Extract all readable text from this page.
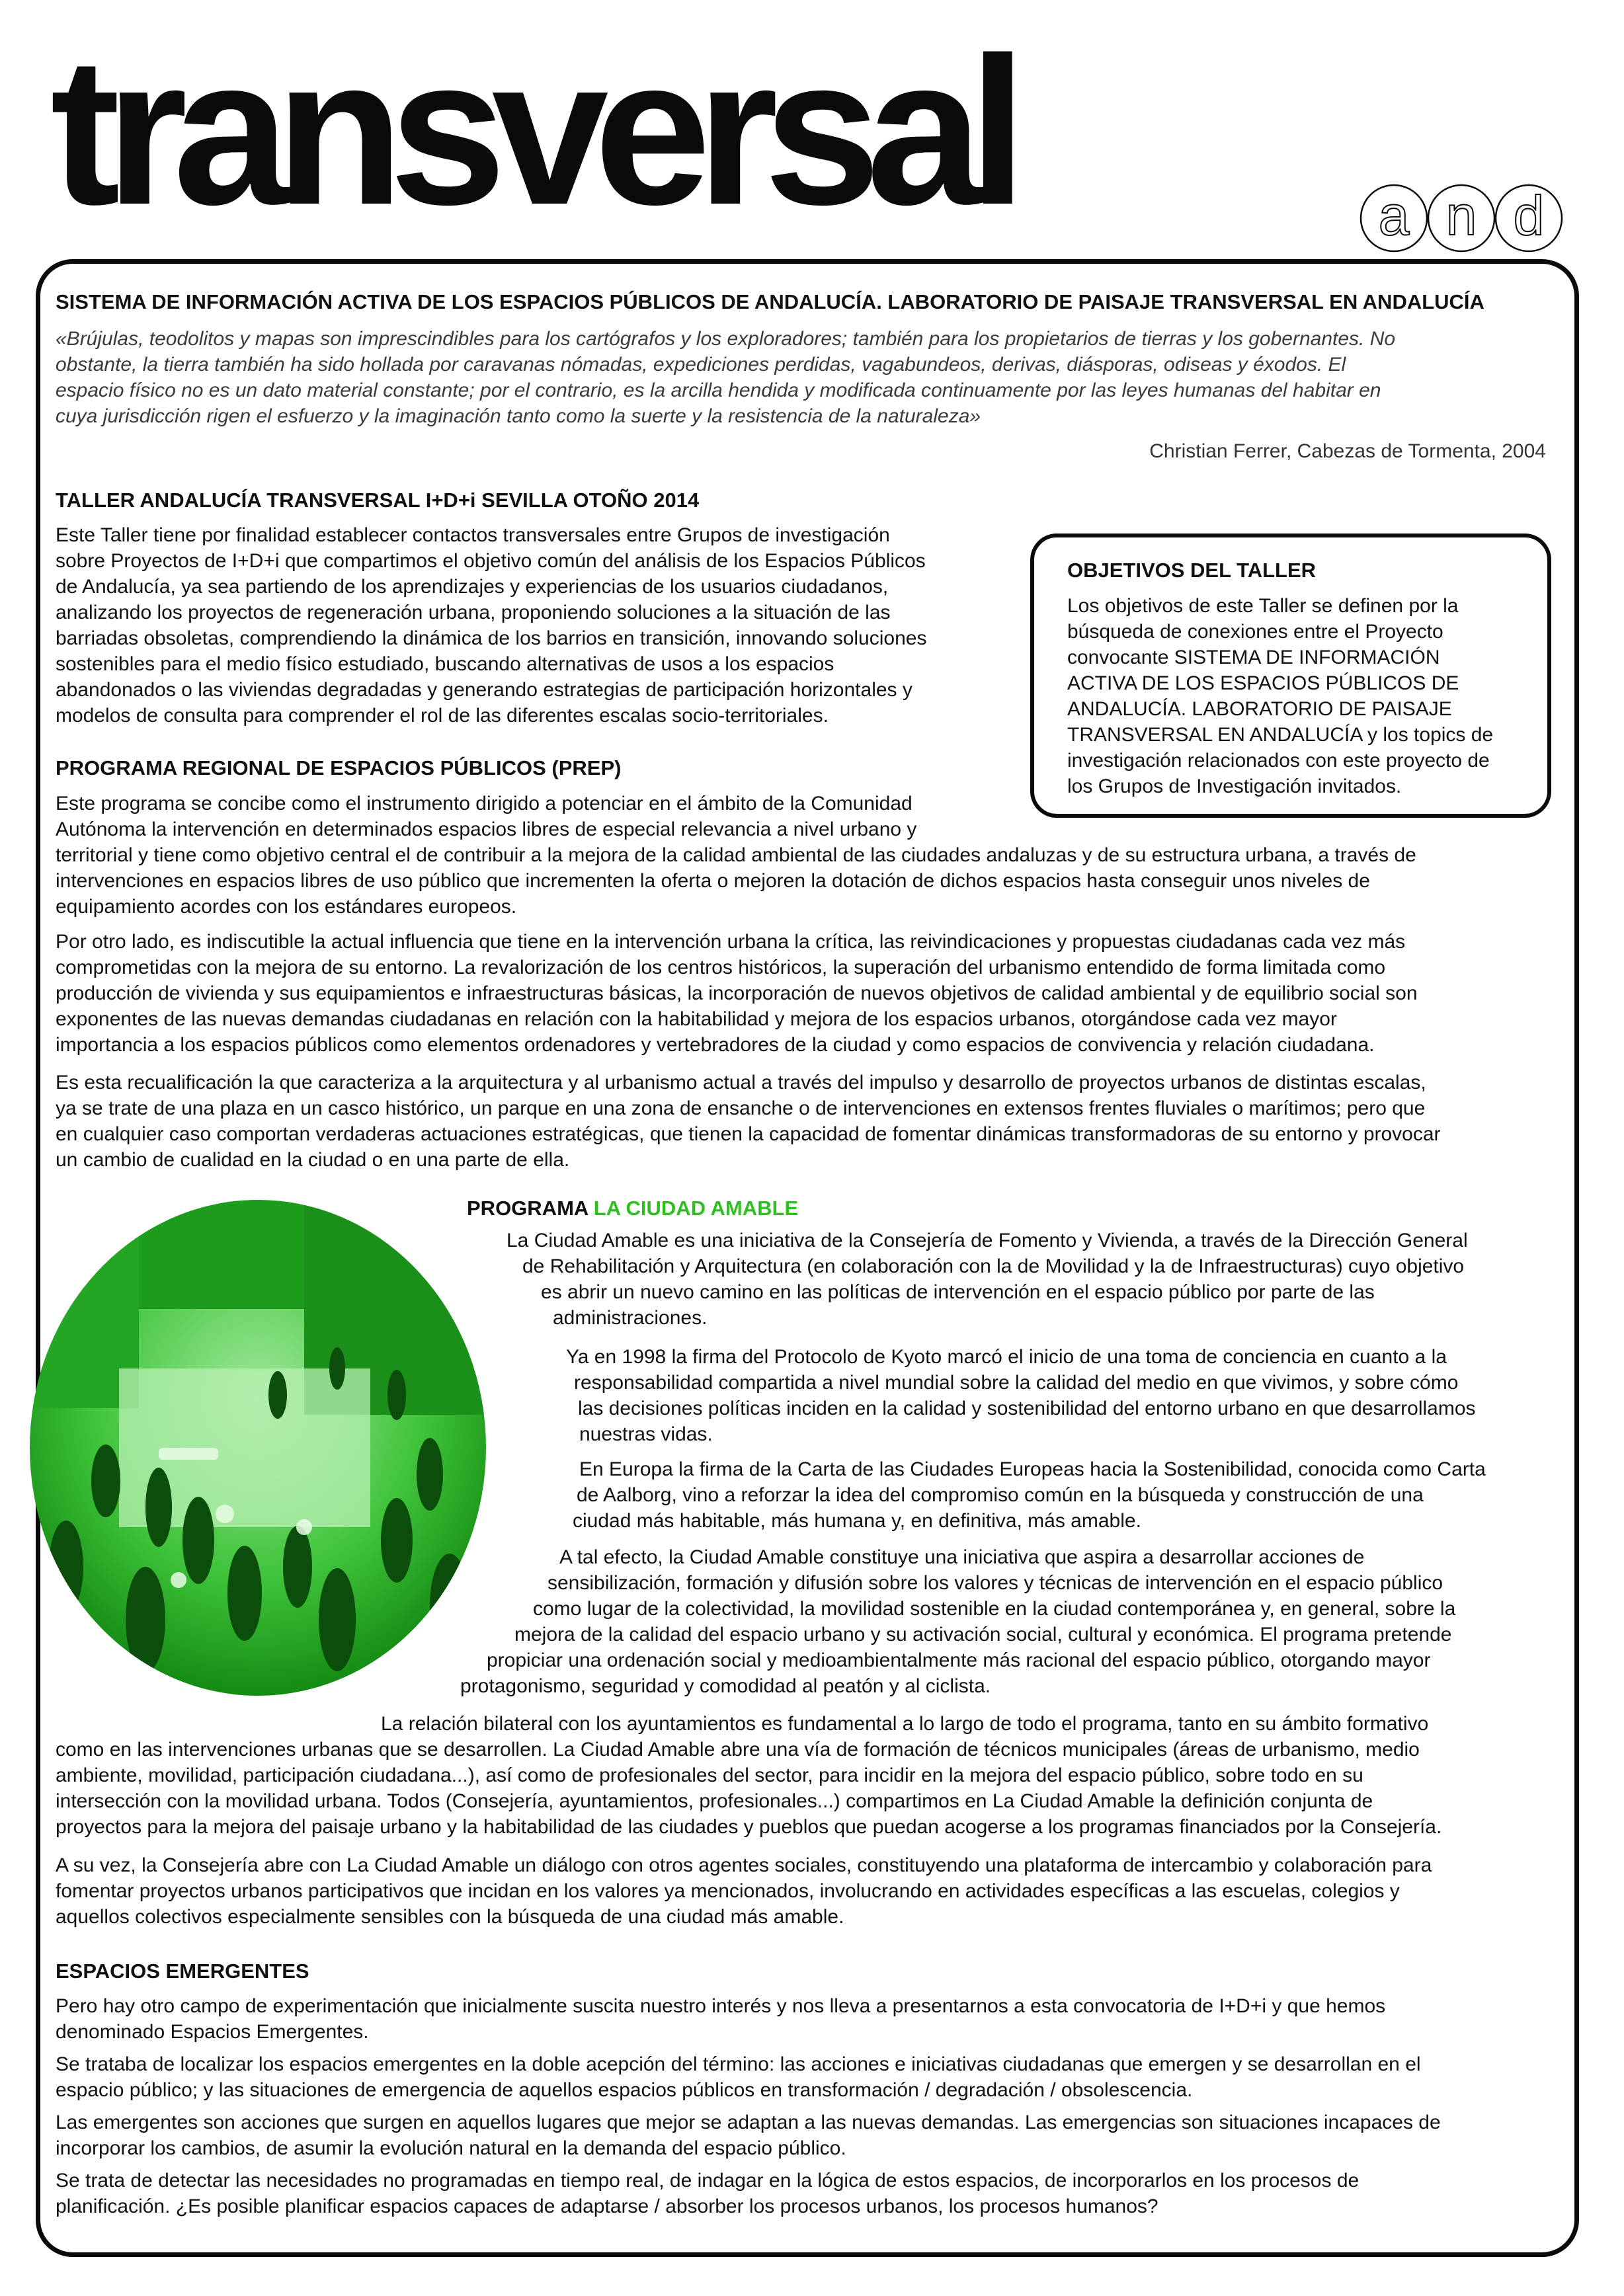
transversal	a n d
SISTEMA DE INFORMACIÓN ACTIVA DE LOS ESPACIOS PÚBLICOS DE ANDALUCÍA. LABORATORIO DE PAISAJE TRANSVERSAL EN ANDALUCÍA
«Brújulas, teodolitos y mapas son imprescindibles para los cartógrafos y los exploradores; también para los propietarios de tierras y los gobernantes. No
obstante, la tierra también ha sido hollada por caravanas nómadas, expediciones perdidas, vagabundeos, derivas, diásporas, odiseas y éxodos. El
espacio físico no es un dato material constante; por el contrario, es la arcilla hendida y modificada continuamente por las leyes humanas del habitar en
cuya jurisdicción rigen el esfuerzo y la imaginación tanto como la suerte y la resistencia de la naturaleza»
Christian Ferrer, Cabezas de Tormenta, 2004
TALLER ANDALUCÍA TRANSVERSAL I+D+i SEVILLA OTOÑO 2014
Este Taller tiene por finalidad establecer contactos transversales entre Grupos de investigación
sobre Proyectos de I+D+i que compartimos el objetivo común del análisis de los Espacios Públicos
de Andalucía, ya sea partiendo de los aprendizajes y experiencias de los usuarios ciudadanos,
analizando los proyectos de regeneración urbana, proponiendo soluciones a la situación de las
barriadas obsoletas, comprendiendo la dinámica de los barrios en transición, innovando soluciones
sostenibles para el medio físico estudiado, buscando alternativas de usos a los espacios
abandonados o las viviendas degradadas y generando estrategias de participación horizontales y
modelos de consulta para comprender el rol de las diferentes escalas socio-territoriales.
OBJETIVOS DEL TALLER
Los objetivos de este Taller se definen por la
búsqueda de conexiones entre el Proyecto
convocante SISTEMA DE INFORMACIÓN
ACTIVA DE LOS ESPACIOS PÚBLICOS DE
ANDALUCÍA. LABORATORIO DE PAISAJE
TRANSVERSAL EN ANDALUCÍA y los topics de
investigación relacionados con este proyecto de
los Grupos de Investigación invitados.
PROGRAMA REGIONAL DE ESPACIOS PÚBLICOS (PREP)
Este programa se concibe como el instrumento dirigido a potenciar en el ámbito de la Comunidad
Autónoma la intervención en determinados espacios libres de especial relevancia a nivel urbano y
territorial y tiene como objetivo central el de contribuir a la mejora de la calidad ambiental de las ciudades andaluzas y de su estructura urbana, a través de
intervenciones en espacios libres de uso público que incrementen la oferta o mejoren la dotación de dichos espacios hasta conseguir unos niveles de
equipamiento acordes con los estándares europeos.
Por otro lado, es indiscutible la actual influencia que tiene en la intervención urbana la crítica, las reivindicaciones y propuestas ciudadanas cada vez más
comprometidas con la mejora de su entorno. La revalorización de los centros históricos, la superación del urbanismo entendido de forma limitada como
producción de vivienda y sus equipamientos e infraestructuras básicas, la incorporación de nuevos objetivos de calidad ambiental y de equilibrio social son
exponentes de las nuevas demandas ciudadanas en relación con la habitabilidad y mejora de los espacios urbanos, otorgándose cada vez mayor
importancia a los espacios públicos como elementos ordenadores y vertebradores de la ciudad y como espacios de convivencia y relación ciudadana.
Es esta recualificación la que caracteriza a la arquitectura y al urbanismo actual a través del impulso y desarrollo de proyectos urbanos de distintas escalas,
ya se trate de una plaza en un casco histórico, un parque en una zona de ensanche o de intervenciones en extensos frentes fluviales o marítimos; pero que
en cualquier caso comportan verdaderas actuaciones estratégicas, que tienen la capacidad de fomentar dinámicas transformadoras de su entorno y provocar
un cambio de cualidad en la ciudad o en una parte de ella.
PROGRAMA LA CIUDAD AMABLE
La Ciudad Amable es una iniciativa de la Consejería de Fomento y Vivienda, a través de la Dirección General
de Rehabilitación y Arquitectura (en colaboración con la de Movilidad y la de Infraestructuras) cuyo objetivo
es abrir un nuevo camino en las políticas de intervención en el espacio público por parte de las
administraciones.
Ya en 1998 la firma del Protocolo de Kyoto marcó el inicio de una toma de conciencia en cuanto a la
responsabilidad compartida a nivel mundial sobre la calidad del medio en que vivimos, y sobre cómo
las decisiones políticas inciden en la calidad y sostenibilidad del entorno urbano en que desarrollamos
nuestras vidas.
En Europa la firma de la Carta de las Ciudades Europeas hacia la Sostenibilidad, conocida como Carta
de Aalborg, vino a reforzar la idea del compromiso común en la búsqueda y construcción de una
ciudad más habitable, más humana y, en definitiva, más amable.
A tal efecto, la Ciudad Amable constituye una iniciativa que aspira a desarrollar acciones de
sensibilización, formación y difusión sobre los valores y técnicas de intervención en el espacio público
como lugar de la colectividad, la movilidad sostenible en la ciudad contemporánea y, en general, sobre la
mejora de la calidad del espacio urbano y su activación social, cultural y económica. El programa pretende
propiciar una ordenación social y medioambientalmente más racional del espacio público, otorgando mayor
protagonismo, seguridad y comodidad al peatón y al ciclista.
La relación bilateral con los ayuntamientos es fundamental a lo largo de todo el programa, tanto en su ámbito formativo
como en las intervenciones urbanas que se desarrollen. La Ciudad Amable abre una vía de formación de técnicos municipales (áreas de urbanismo, medio
ambiente, movilidad, participación ciudadana...), así como de profesionales del sector, para incidir en la mejora del espacio público, sobre todo en su
intersección con la movilidad urbana. Todos (Consejería, ayuntamientos, profesionales...) compartimos en La Ciudad Amable la definición conjunta de
proyectos para la mejora del paisaje urbano y la habitabilidad de las ciudades y pueblos que puedan acogerse a los programas financiados por la Consejería.
A su vez, la Consejería abre con La Ciudad Amable un diálogo con otros agentes sociales, constituyendo una plataforma de intercambio y colaboración para
fomentar proyectos urbanos participativos que incidan en los valores ya mencionados, involucrando en actividades específicas a las escuelas, colegios y
aquellos colectivos especialmente sensibles con la búsqueda de una ciudad más amable.
ESPACIOS EMERGENTES
Pero hay otro campo de experimentación que inicialmente suscita nuestro interés y nos lleva a presentarnos a esta convocatoria de I+D+i y que hemos
denominado Espacios Emergentes.
Se trataba de localizar los espacios emergentes en la doble acepción del término: las acciones e iniciativas ciudadanas que emergen y se desarrollan en el
espacio público; y las situaciones de emergencia de aquellos espacios públicos en transformación / degradación / obsolescencia.
Las emergentes son acciones que surgen en aquellos lugares que mejor se adaptan a las nuevas demandas. Las emergencias son situaciones incapaces de
incorporar los cambios, de asumir la evolución natural en la demanda del espacio público.
Se trata de detectar las necesidades no programadas en tiempo real, de indagar en la lógica de estos espacios, de incorporarlos en los procesos de
planificación. ¿Es posible planificar espacios capaces de adaptarse / absorber los procesos urbanos, los procesos humanos?
